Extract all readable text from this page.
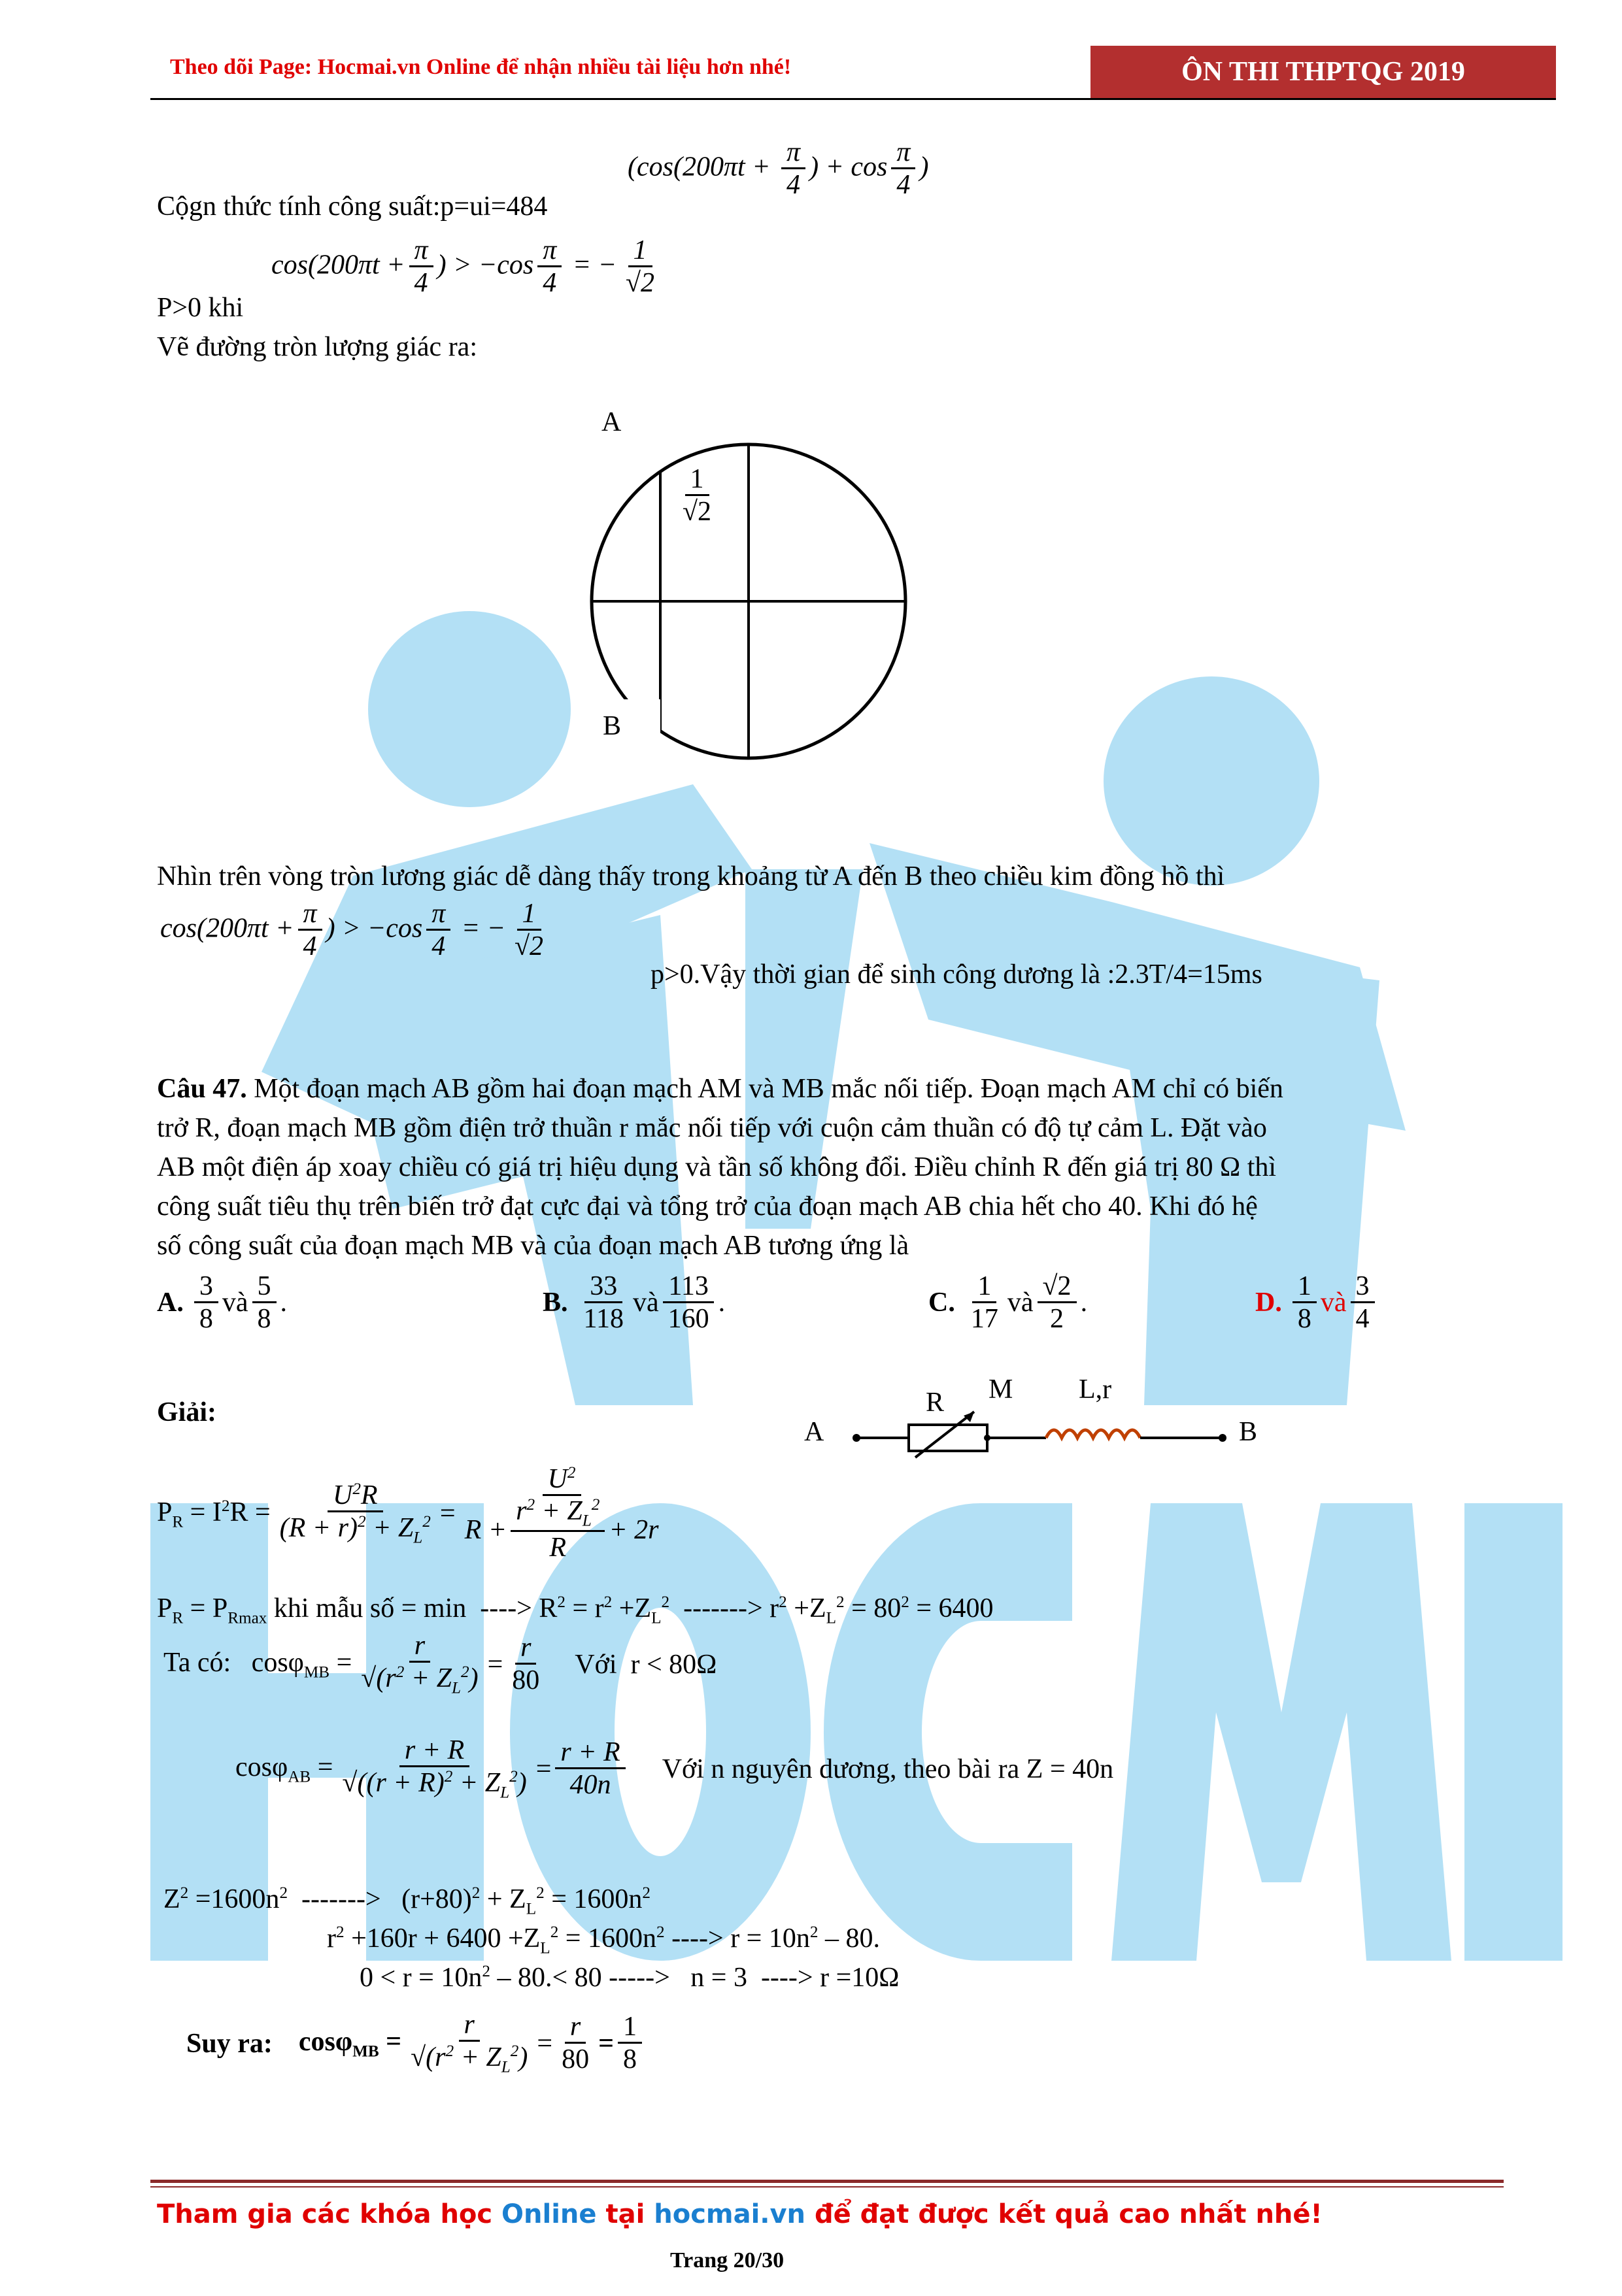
Theo dõi Page: Hocmai.vn Online để nhận nhiều tài liệu hơn nhé!	ÔN THI THPTQG 2019
($\cos(200\pi t + \frac{\pi}{4}$ ) + $\cos \frac{\pi}{4}$ )
Cộgn thức tính công suất:p=ui=484
$\cos(200\pi t + \frac{\pi}{4}$ ) > $-\cos \frac{\pi}{4}$ = − $\frac{1}{√2}$
P>0 khi
Vẽ đường tròn lượng giác ra:
A
B
$\frac{1}{√2}$
Nhìn trên vòng tròn lương giác dễ dàng thấy trong khoảng từ A đến B theo chiều kim đồng hồ thì
$\cos(200\pi t + \frac{\pi}{4}$ ) > $-\cos \frac{\pi}{4}$ = − $\frac{1}{√2}$
p>0.Vậy thời gian để sinh công dương là :2.3T/4=15ms
Câu 47. Một đoạn mạch AB gồm hai đoạn mạch AM và MB mắc nối tiếp. Đoạn mạch AM chỉ có biến
trở R, đoạn mạch MB gồm điện trở thuần r mắc nối tiếp với cuộn cảm thuần có độ tự cảm L. Đặt vào
AB một điện áp xoay chiều có giá trị hiệu dụng và tần số không đổi. Điều chỉnh R đến giá trị 80 Ω thì
công suất tiêu thụ trên biến trở đạt cực đại và tổng trở của đoạn mạch AB chia hết cho 40. Khi đó hệ
số công suất của đoạn mạch MB và của đoạn mạch AB tương ứng là
A. $\frac{3}{8}$ và $\frac{5}{8}$ .	B. $\frac{33}{118}$ và $\frac{113}{160}$ .	C. $\frac{1}{17}$ và $\frac{√2}{2}$ .	D. $\frac{1}{8}$ và $\frac{3}{4}$
Giải:
A
R M L,r
B
$P_R = I^2R = \frac{U^2R}{(R + r)^2 + Z_L^2} = \frac{U^2}{R + \frac{r^2 + Z_L^2}{R} + 2r}$
$P_R = P_{Rmax}$ khi mẫu số = min  ----> $R^2 = r^2 +Z_L^2$  -------> $r^2 +Z_L^2 = 80^2 = 6400$
Ta có:   $\cos\varphi_{MB} = \frac{r}{√(r^2 + Z_L^2)} = \frac{r}{80}$ Với  r < 80Ω
$\cos\varphi_{AB} = \frac{r + R}{√((r + R)^2 + Z_L^2)} = \frac{r + R}{40n}$ Với n nguyên dương, theo bài ra Z = 40n
$Z^2 =1600n^2$  ------->   $(r+80)^2 + Z_L^2 = 1600n^2$
$r^2 +160r + 6400 +Z_L^2 = 1600n^2$ ----> $r = 10n^2 - 80$.
$0 < r = 10n^2 - 80.< 80$ ----->   n = 3  ----> r =10Ω
Suy ra: $\cos\varphi_{MB} = \frac{r}{√(r^2 + Z_L^2)} = \frac{r}{80} = \frac{1}{8}$
Tham gia các khóa học Online tại hocmai.vn để đạt được kết quả cao nhất nhé!
Trang 20/30
